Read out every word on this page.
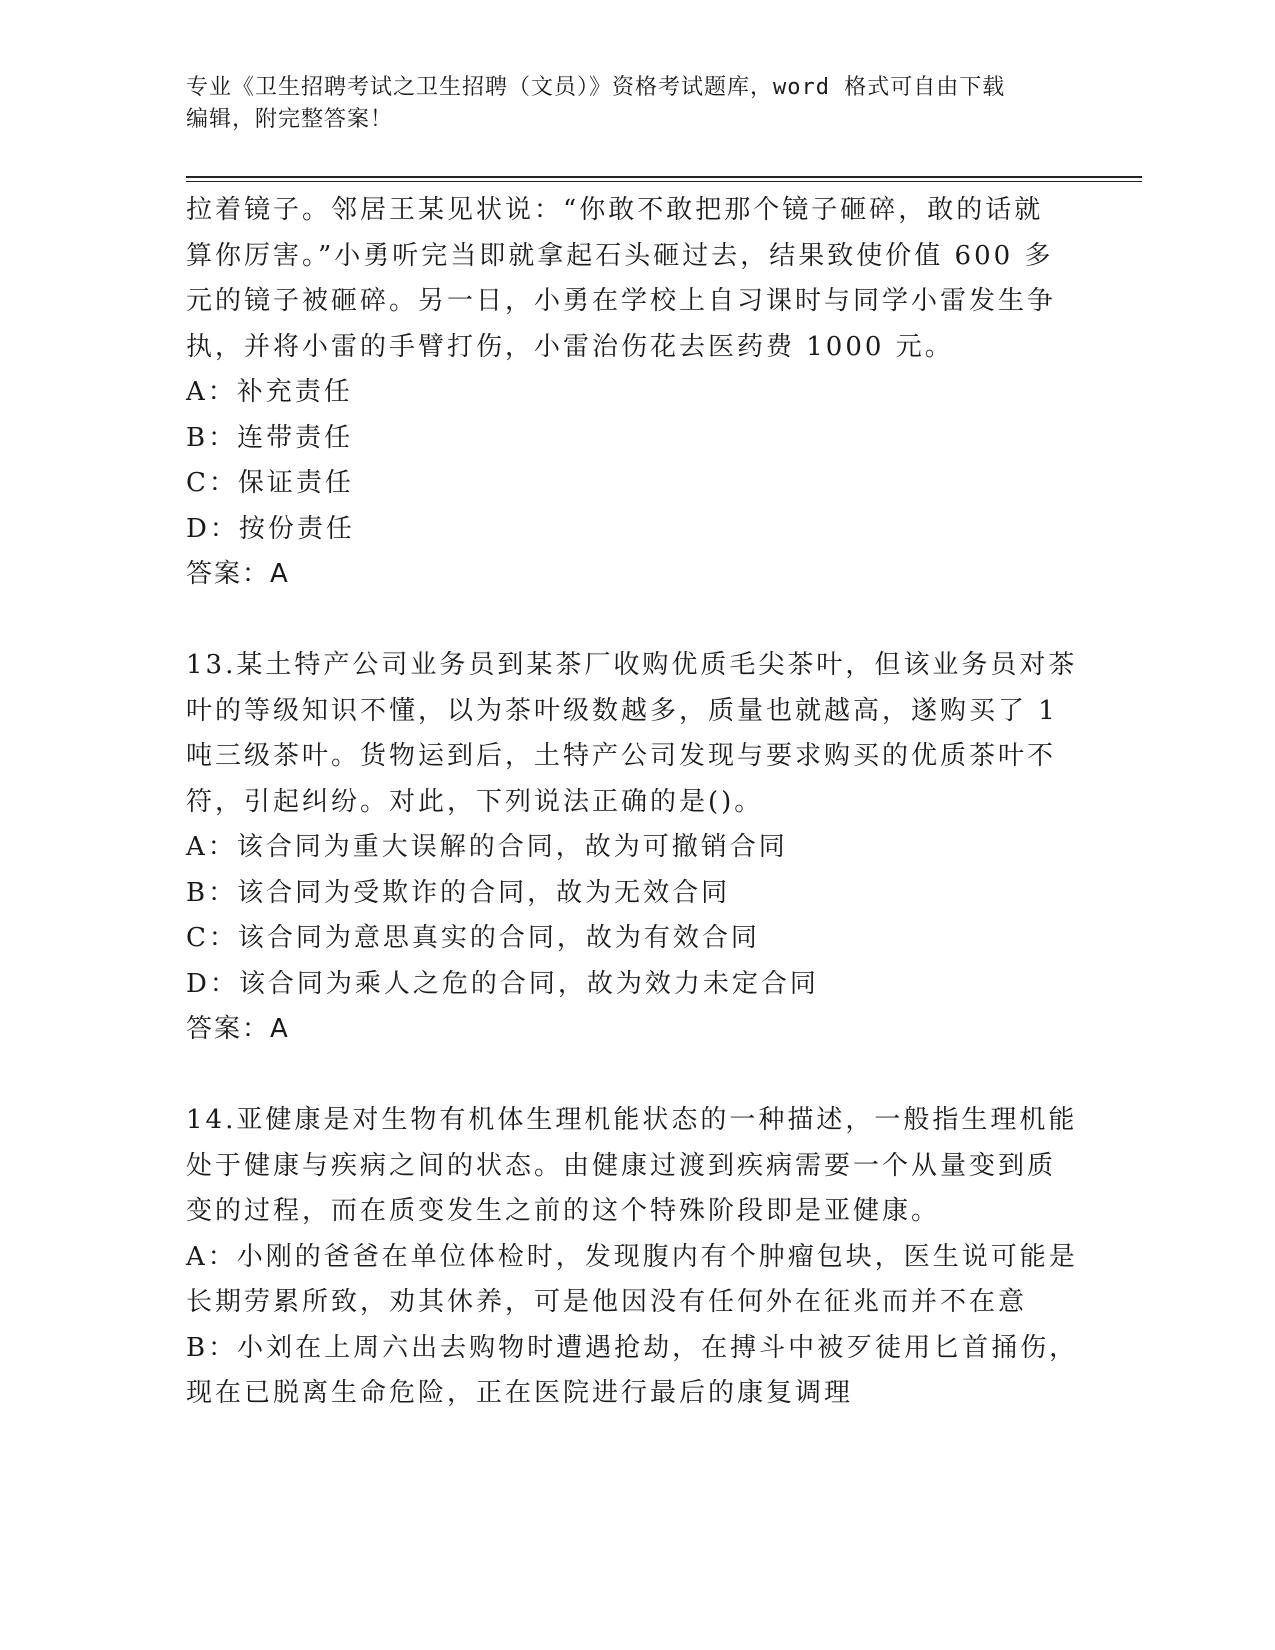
专业《卫生招聘考试之卫生招聘（文员）》资格考试题库，word 格式可自由下载
编辑，附完整答案！
拉着镜子。邻居王某见状说：“你敢不敢把那个镜子砸碎，敢的话就
算你厉害。”小勇听完当即就拿起石头砸过去，结果致使价值 600 多
元的镜子被砸碎。另一日，小勇在学校上自习课时与同学小雷发生争
执，并将小雷的手臂打伤，小雷治伤花去医药费 1000 元。
A：补充责任
B：连带责任
C：保证责任
D：按份责任
答案：A
13.某土特产公司业务员到某茶厂收购优质毛尖茶叶，但该业务员对茶
叶的等级知识不懂，以为茶叶级数越多，质量也就越高，遂购买了 1
吨三级茶叶。货物运到后，土特产公司发现与要求购买的优质茶叶不
符，引起纠纷。对此，下列说法正确的是()。
A：该合同为重大误解的合同，故为可撤销合同
B：该合同为受欺诈的合同，故为无效合同
C：该合同为意思真实的合同，故为有效合同
D：该合同为乘人之危的合同，故为效力未定合同
答案：A
14.亚健康是对生物有机体生理机能状态的一种描述，一般指生理机能
处于健康与疾病之间的状态。由健康过渡到疾病需要一个从量变到质
变的过程，而在质变发生之前的这个特殊阶段即是亚健康。
A：小刚的爸爸在单位体检时，发现腹内有个肿瘤包块，医生说可能是
长期劳累所致，劝其休养，可是他因没有任何外在征兆而并不在意
B：小刘在上周六出去购物时遭遇抢劫，在搏斗中被歹徒用匕首捅伤，
现在已脱离生命危险，正在医院进行最后的康复调理
